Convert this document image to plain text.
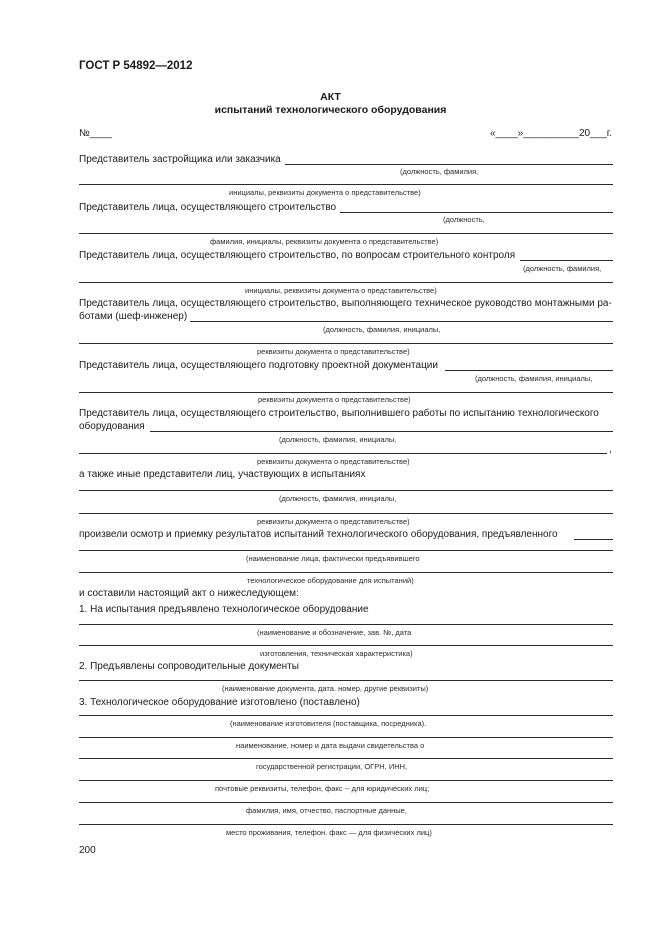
ГОСТ Р 54892—2012
АКТ
испытаний технологического оборудования
№____	«____»__________20___г.
Представитель застройщика или заказчика
(должность, фамилия,
инициалы, реквизиты документа о представительстве)
Представитель лица, осуществляющего строительство
(должность,
фамилия, инициалы, реквизиты документа о представительстве)
Представитель лица, осуществляющего строительство, по вопросам строительного контроля
(должность, фамилия,
инициалы, реквизиты документа о представительстве)
Представитель лица, осуществляющего строительство, выполняющего техническое руководство монтажными ра-
ботами (шеф-инженер)
(должность, фамилия, инициалы,
реквизиты документа о представительстве)
Представитель лица, осуществляющего подготовку проектной документации
(должность, фамилия, инициалы,
реквизиты документа о представительстве)
Представитель лица, осуществляющего строительство, выполнившего работы по испытанию технологического
оборудования
(должность, фамилия, инициалы,
,
реквизиты документа о представительстве)
а также иные представители лиц, участвующих в испытаниях
(должность, фамилия, инициалы,
реквизиты документа о представительстве)
произвели осмотр и приемку результатов испытаний технологического оборудования, предъявленного
(наименование лица, фактически предъявившего
технологическое оборудование для испытаний)
и составили настоящий акт о нижеследующем:
1. На испытания предъявлено технологическое оборудование
(наименование и обозначение, зав. №, дата
изготовления, техническая характеристика)
2. Предъявлены сопроводительные документы
(наименование документа, дата. номер, другие реквизиты)
3. Технологическое оборудование изготовлено (поставлено)
(наименование изготовителя (поставщика, посредника).
наименование, номер и дата выдачи свидетельства о
государственной регистрации, ОГРН, ИНН,
почтовые реквизиты, телефон, факс -- для юридических лиц;
фамилия, имя, отчество, паспортные данные,
место проживания, телефон. факс — для физических лиц)
200
